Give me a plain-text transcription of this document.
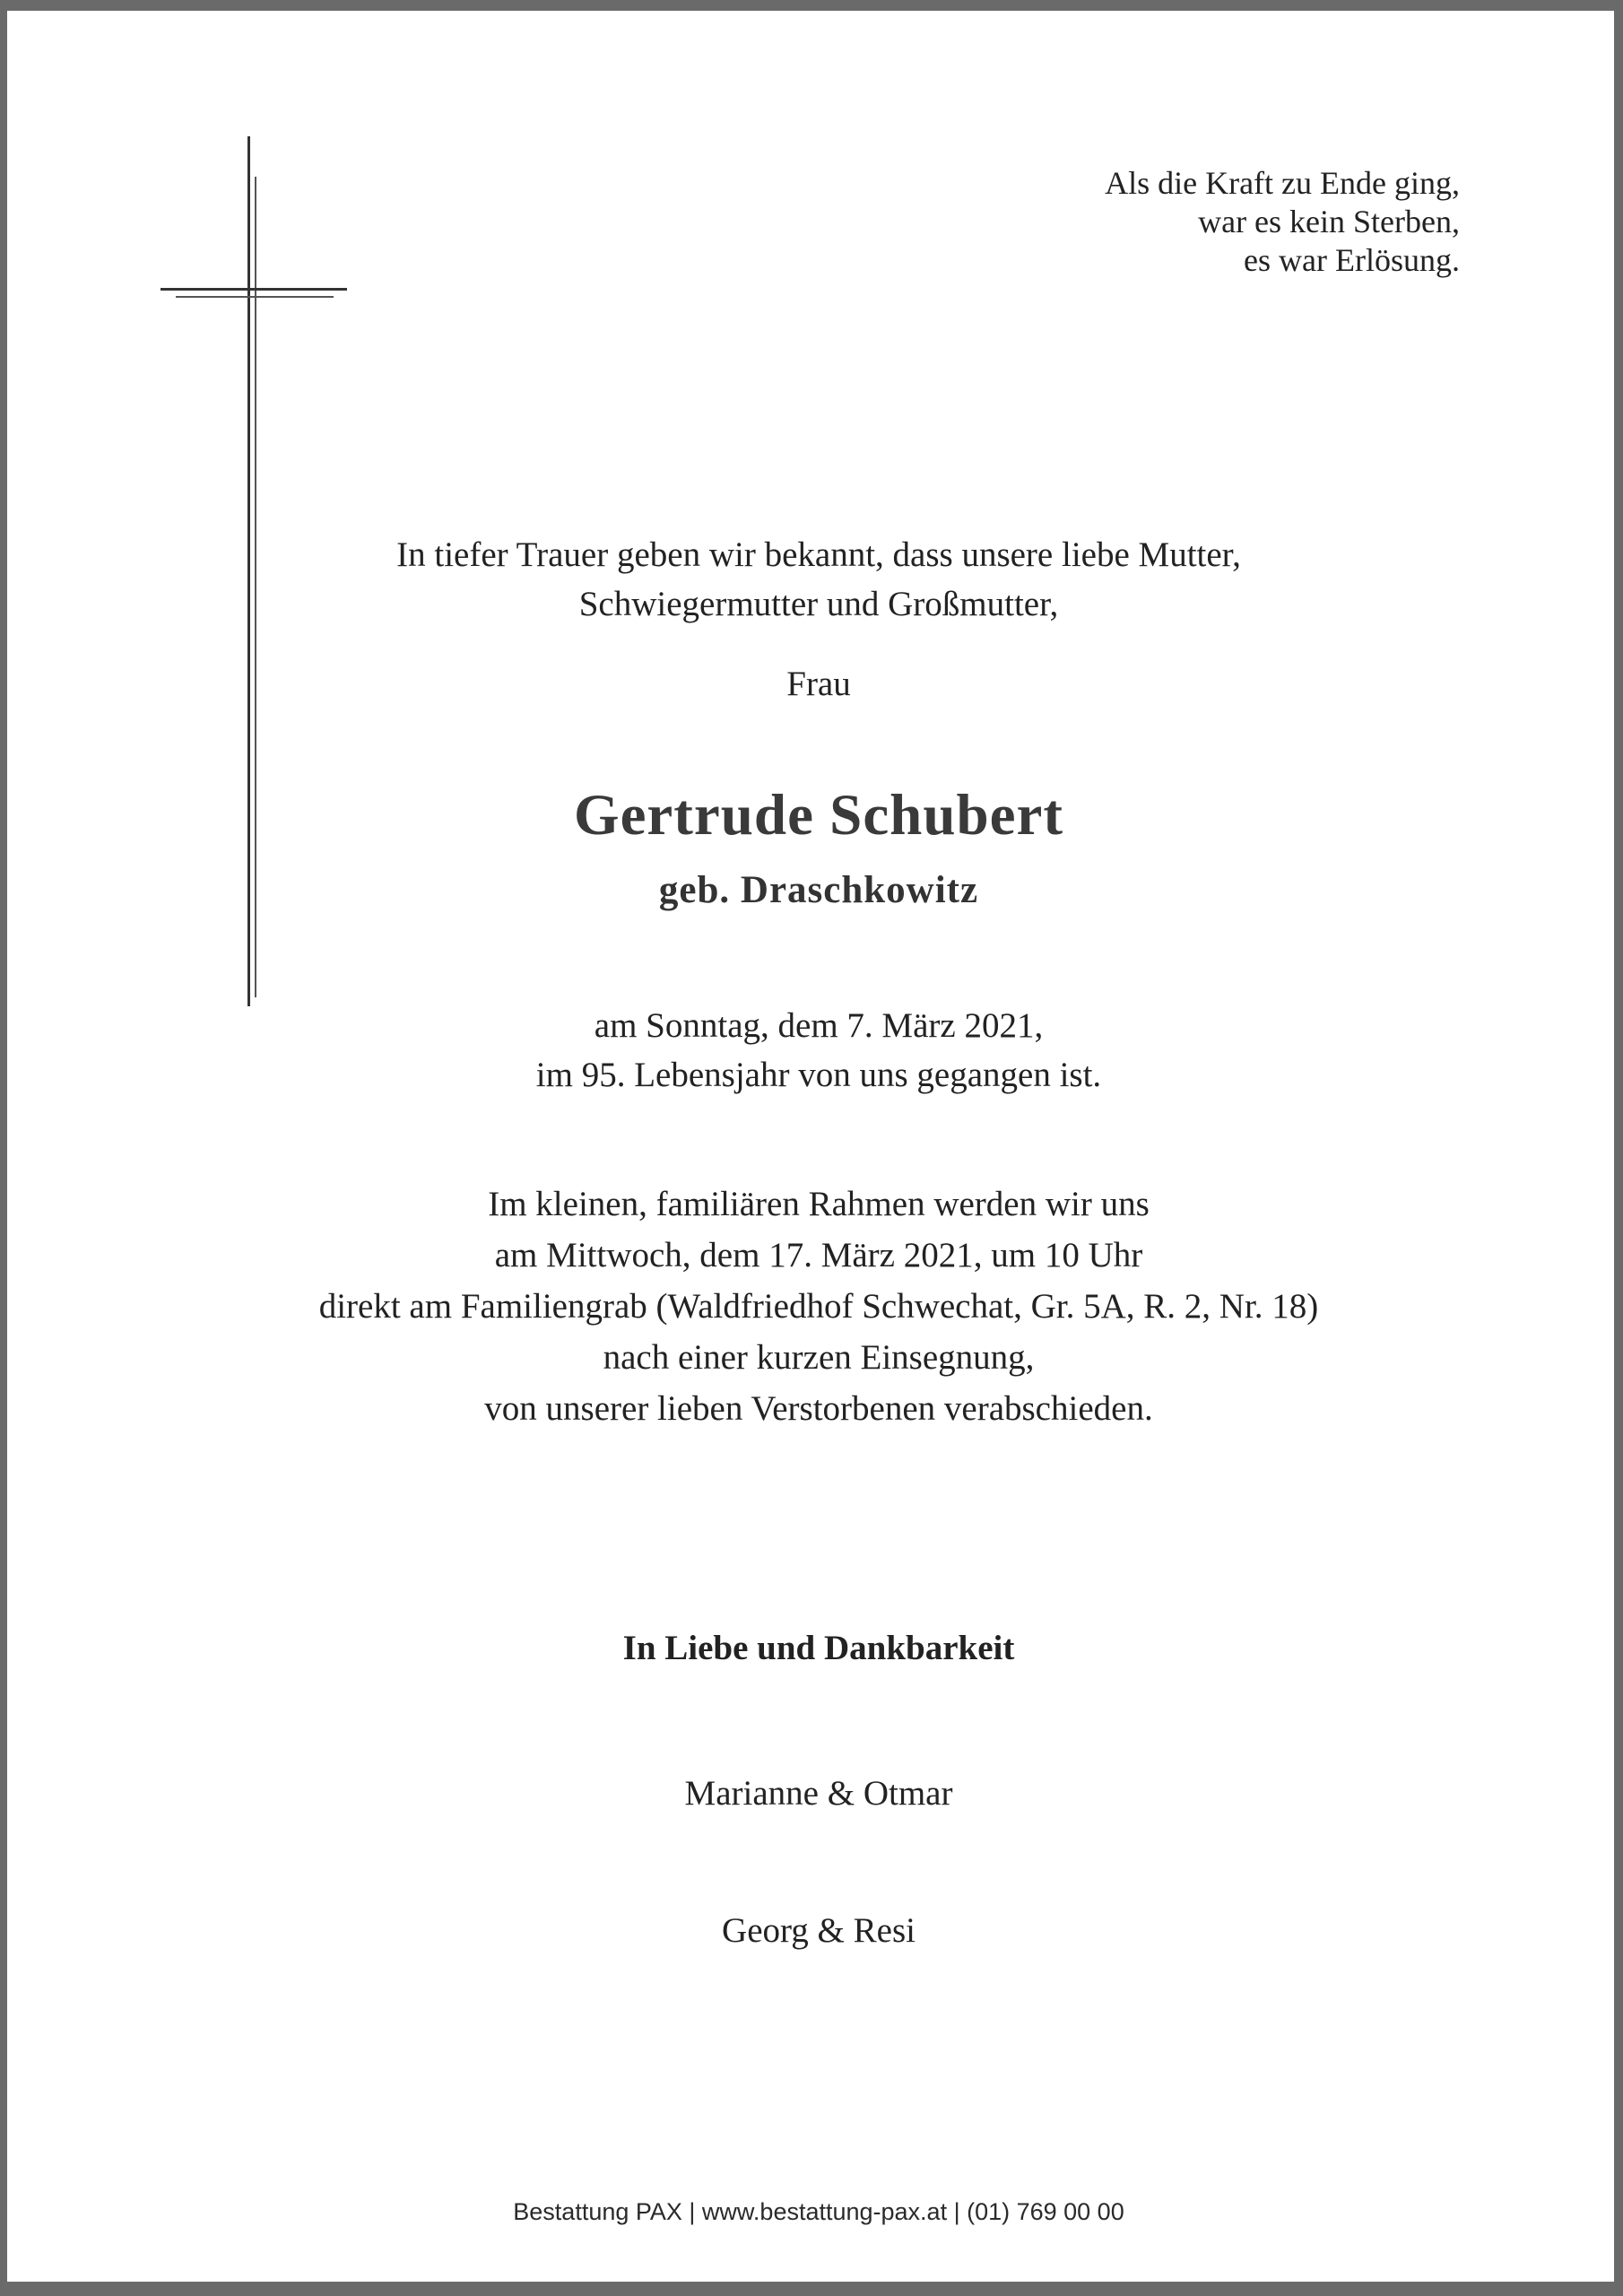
Als die Kraft zu Ende ging,
war es kein Sterben,
es war Erlösung.
In tiefer Trauer geben wir bekannt, dass unsere liebe Mutter,
Schwiegermutter und Großmutter,
Frau
Gertrude Schubert
geb. Draschkowitz
am Sonntag, dem 7. März 2021,
im 95. Lebensjahr von uns gegangen ist.
Im kleinen, familiären Rahmen werden wir uns
am Mittwoch, dem 17. März 2021, um 10 Uhr
direkt am Familiengrab (Waldfriedhof Schwechat, Gr. 5A, R. 2, Nr. 18)
nach einer kurzen Einsegnung,
von unserer lieben Verstorbenen verabschieden.
In Liebe und Dankbarkeit
Marianne & Otmar
Georg & Resi
Bestattung PAX | www.bestattung-pax.at | (01) 769 00 00
